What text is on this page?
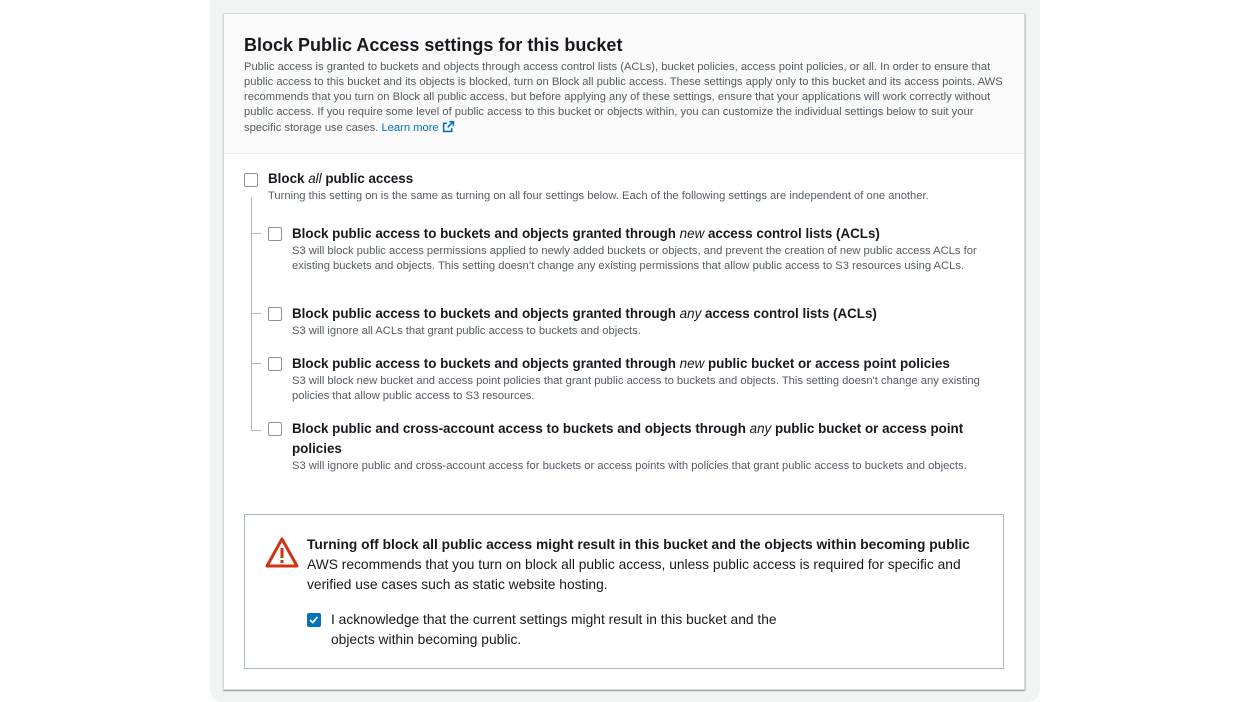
Block Public Access settings for this bucket
Public access is granted to buckets and objects through access control lists (ACLs), bucket policies, access point policies, or all. In order to ensure that public access to this bucket and its objects is blocked, turn on Block all public access. These settings apply only to this bucket and its access points. AWS recommends that you turn on Block all public access, but before applying any of these settings, ensure that your applications will work correctly without public access. If you require some level of public access to this bucket or objects within, you can customize the individual settings below to suit your specific storage use cases. Learn more
Block all public access
Turning this setting on is the same as turning on all four settings below. Each of the following settings are independent of one another.
Block public access to buckets and objects granted through new access control lists (ACLs)
S3 will block public access permissions applied to newly added buckets or objects, and prevent the creation of new public access ACLs for existing buckets and objects. This setting doesn’t change any existing permissions that allow public access to S3 resources using ACLs.
Block public access to buckets and objects granted through any access control lists (ACLs)
S3 will ignore all ACLs that grant public access to buckets and objects.
Block public access to buckets and objects granted through new public bucket or access point policies
S3 will block new bucket and access point policies that grant public access to buckets and objects. This setting doesn't change any existing policies that allow public access to S3 resources.
Block public and cross-account access to buckets and objects through any public bucket or access point policies
S3 will ignore public and cross-account access for buckets or access points with policies that grant public access to buckets and objects.
Turning off block all public access might result in this bucket and the objects within becoming public
AWS recommends that you turn on block all public access, unless public access is required for specific and verified use cases such as static website hosting.
I acknowledge that the current settings might result in this bucket and the objects within becoming public.
